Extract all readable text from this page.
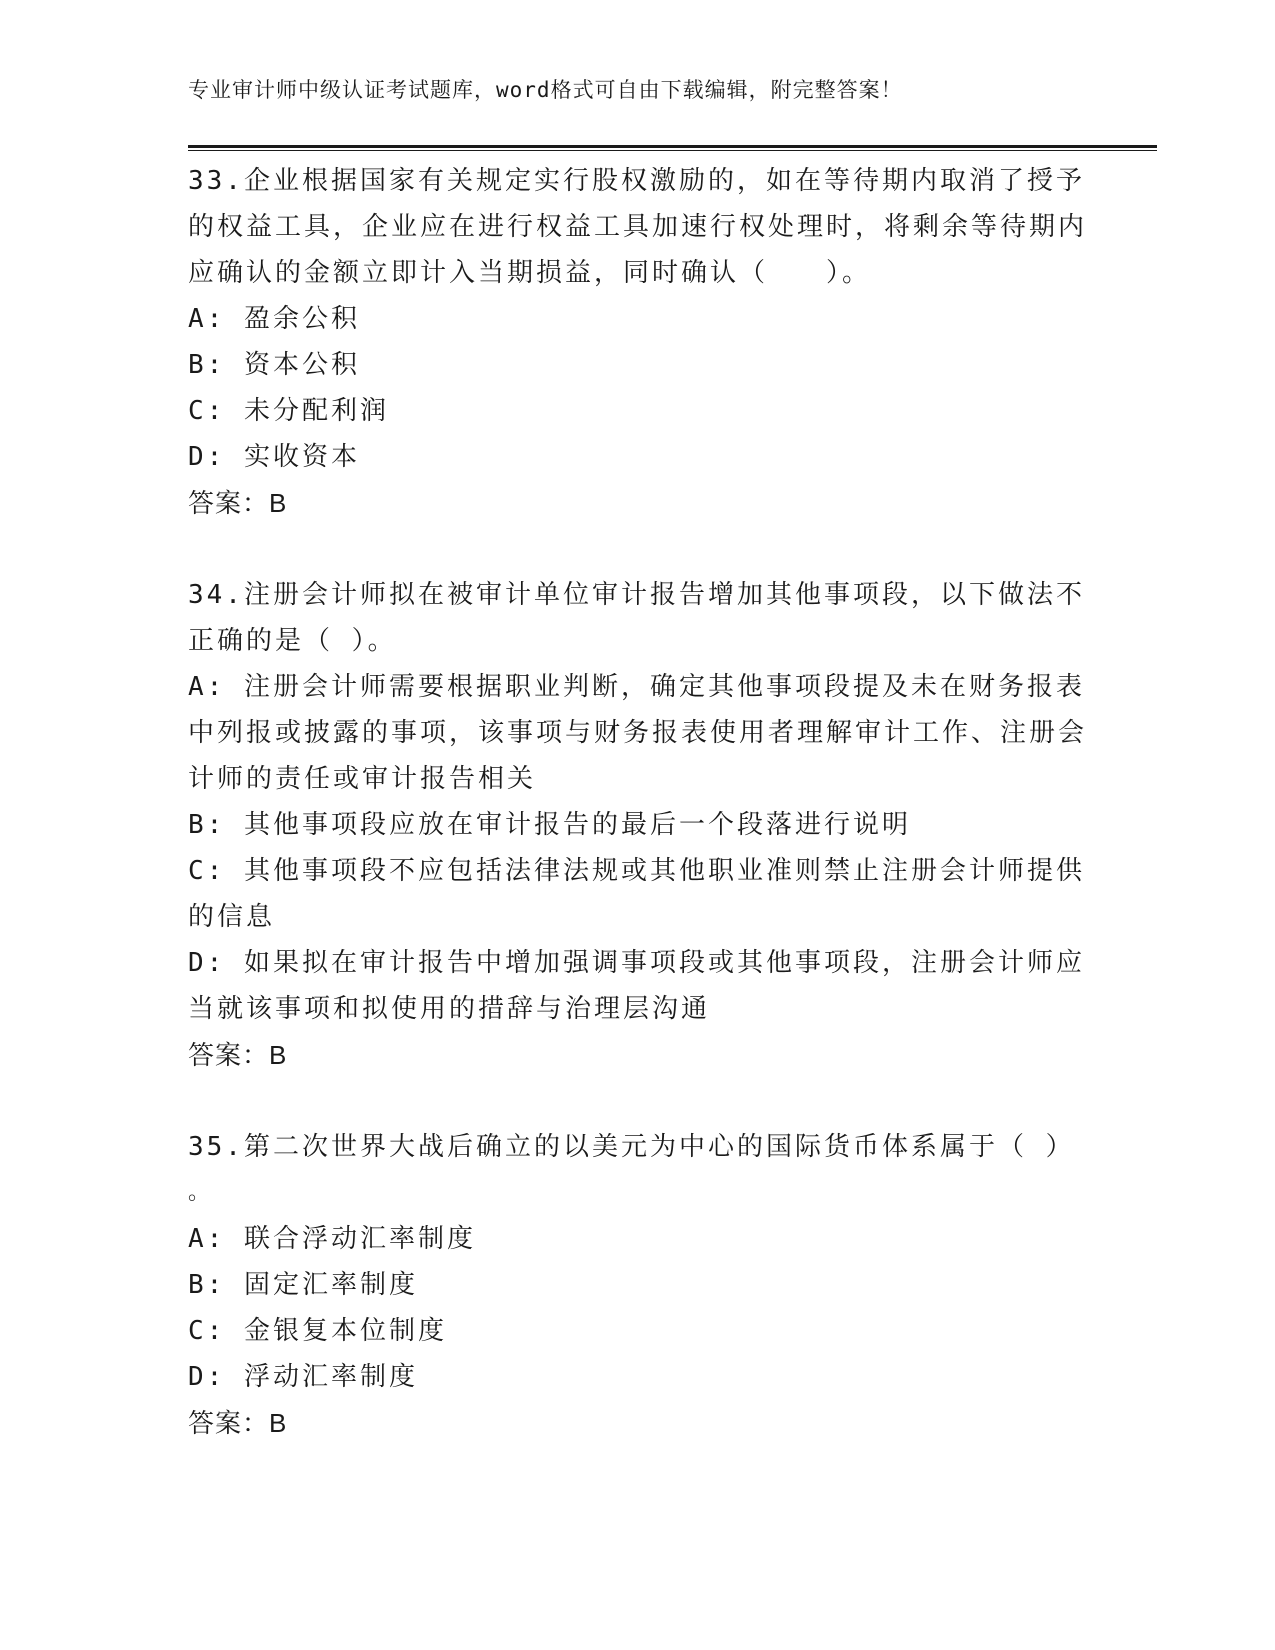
专业审计师中级认证考试题库，word格式可自由下载编辑，附完整答案！

33.企业根据国家有关规定实行股权激励的，如在等待期内取消了授予的权益工具，企业应在进行权益工具加速行权处理时，将剩余等待期内应确认的金额立即计入当期损益，同时确认（　　）。

A: 盈余公积

B: 资本公积

C: 未分配利润

D: 实收资本

答案：B

34.注册会计师拟在被审计单位审计报告增加其他事项段，以下做法不正确的是（ ）。

A: 注册会计师需要根据职业判断，确定其他事项段提及未在财务报表中列报或披露的事项，该事项与财务报表使用者理解审计工作、注册会计师的责任或审计报告相关

B: 其他事项段应放在审计报告的最后一个段落进行说明

C: 其他事项段不应包括法律法规或其他职业准则禁止注册会计师提供的信息

D: 如果拟在审计报告中增加强调事项段或其他事项段，注册会计师应当就该事项和拟使用的措辞与治理层沟通

答案：B

35.第二次世界大战后确立的以美元为中心的国际货币体系属于（ ）

。

A: 联合浮动汇率制度

B: 固定汇率制度

C: 金银复本位制度

D: 浮动汇率制度

答案：B
